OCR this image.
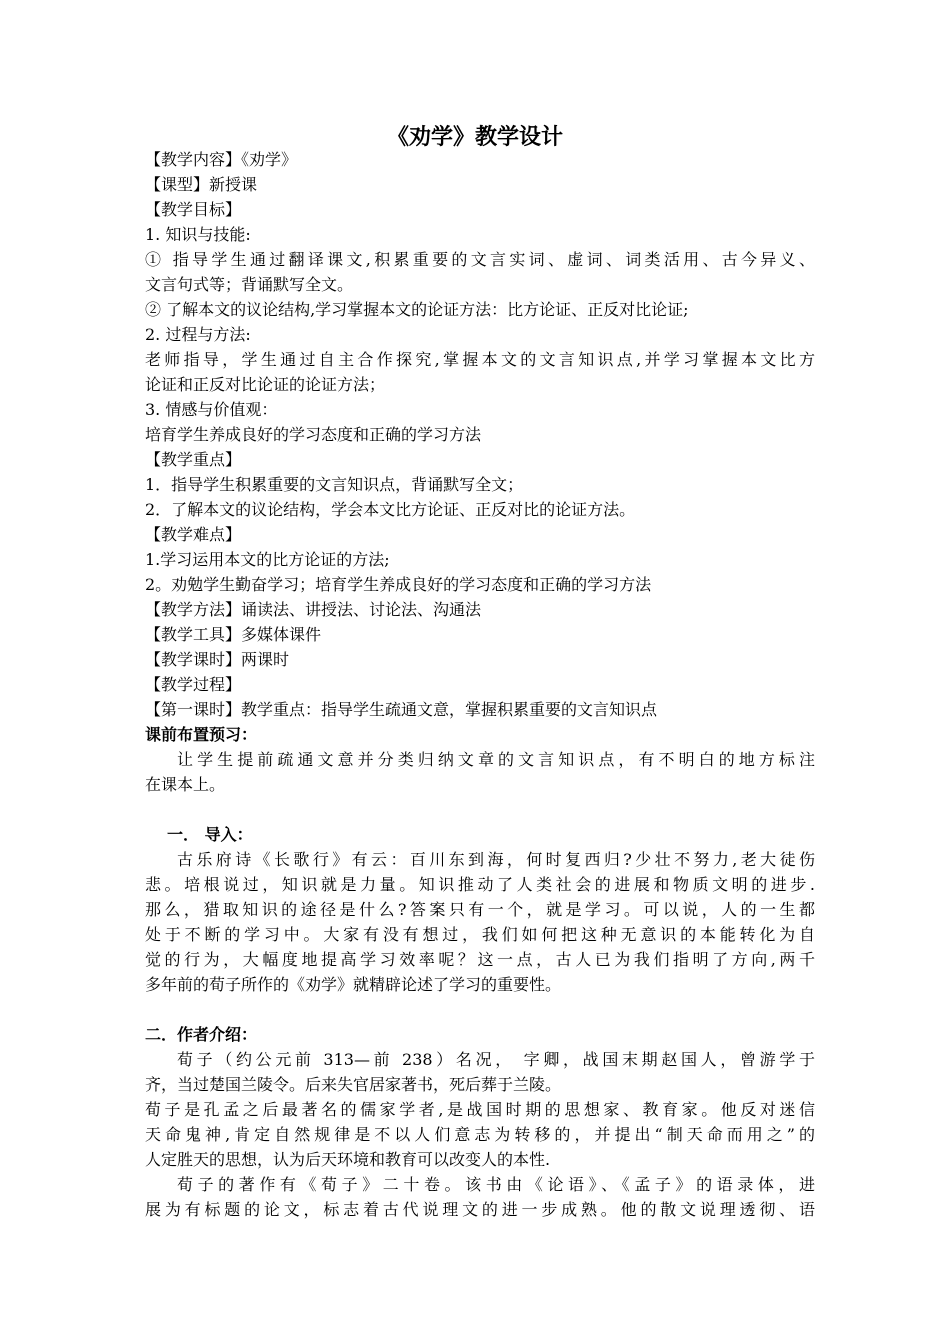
《劝学》教学设计
【教学内容】《劝学》
【课型】新授课
【教学目标】
1. 知识与技能:
① 指导学生通过翻译课文,积累重要的文言实词、虚词、词类活用、古今异义、
文言句式等；背诵默写全文。
② 了解本文的议论结构,学习掌握本文的论证方法：比方论证、正反对比论证;
2. 过程与方法:
老师指导，学生通过自主合作探究,掌握本文的文言知识点,并学习掌握本文比方
论证和正反对比论证的论证方法；
3. 情感与价值观：
培育学生养成良好的学习态度和正确的学习方法
【教学重点】
1．指导学生积累重要的文言知识点，背诵默写全文；
2．了解本文的议论结构，学会本文比方论证、正反对比的论证方法。
【教学难点】
1.学习运用本文的比方论证的方法;
2。劝勉学生勤奋学习；培育学生养成良好的学习态度和正确的学习方法
【教学方法】诵读法、讲授法、讨论法、沟通法
【教学工具】多媒体课件
【教学课时】两课时
【教学过程】
【第一课时】教学重点：指导学生疏通文意，掌握积累重要的文言知识点
课前布置预习：
让学生提前疏通文意并分类归纳文章的文言知识点，有不明白的地方标注
在课本上。
一． 导入：
古乐府诗《长歌行》有云：百川东到海，何时复西归?少壮不努力,老大徒伤
悲。培根说过，知识就是力量。知识推动了人类社会的进展和物质文明的进步.
那么，猎取知识的途径是什么?答案只有一个，就是学习。可以说，人的一生都
处于不断的学习中。大家有没有想过，我们如何把这种无意识的本能转化为自
觉的行为，大幅度地提高学习效率呢？这一点，古人已为我们指明了方向,两千
多年前的荀子所作的《劝学》就精辟论述了学习的重要性。
二．作者介绍：
荀子（约公元前 313—前 238）名况， 字卿，战国末期赵国人，曾游学于
齐，当过楚国兰陵令。后来失官居家著书，死后葬于兰陵。
荀子是孔孟之后最著名的儒家学者,是战国时期的思想家、教育家。他反对迷信
天命鬼神,肯定自然规律是不以人们意志为转移的，并提出“制天命而用之”的
人定胜天的思想，认为后天环境和教育可以改变人的本性.
荀子的著作有《荀子》二十卷。该书由《论语》、《孟子》的语录体，进
展为有标题的论文，标志着古代说理文的进一步成熟。他的散文说理透彻、语
